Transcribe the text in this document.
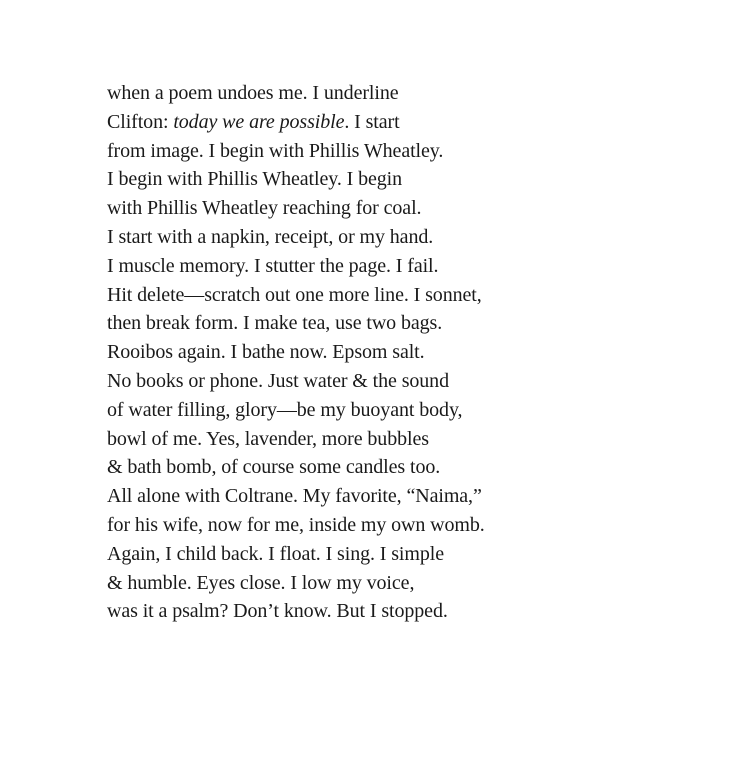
when a poem undoes me. I underline
Clifton: today we are possible. I start
from image. I begin with Phillis Wheatley.
I begin with Phillis Wheatley. I begin
with Phillis Wheatley reaching for coal.
I start with a napkin, receipt, or my hand.
I muscle memory. I stutter the page. I fail.
Hit delete—scratch out one more line. I sonnet,
then break form. I make tea, use two bags.
Rooibos again. I bathe now. Epsom salt.
No books or phone. Just water & the sound
of water filling, glory—be my buoyant body,
bowl of me. Yes, lavender, more bubbles
& bath bomb, of course some candles too.
All alone with Coltrane. My favorite, “Naima,”
for his wife, now for me, inside my own womb.
Again, I child back. I float. I sing. I simple
& humble. Eyes close. I low my voice,
was it a psalm? Don’t know. But I stopped.
